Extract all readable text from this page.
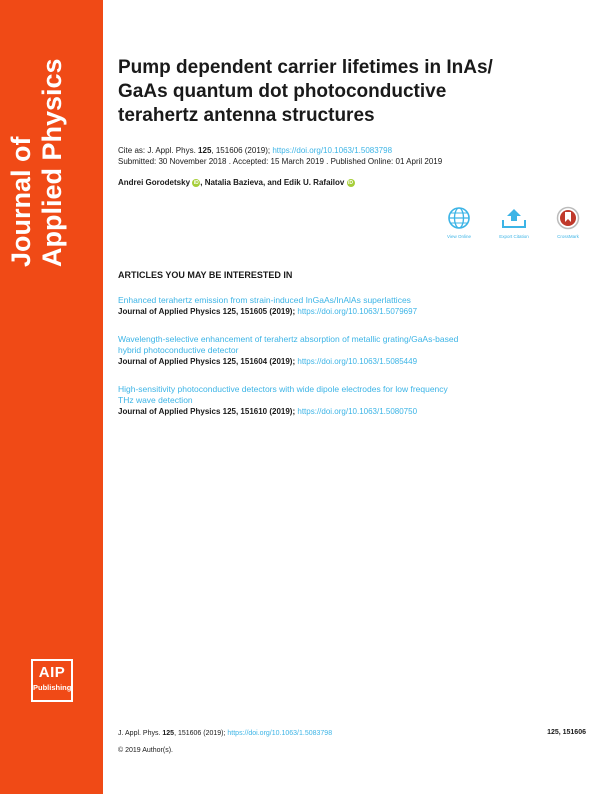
Journal of Applied Physics
AIP
Publishing
Pump dependent carrier lifetimes in InAs/
GaAs quantum dot photoconductive
terahertz antenna structures
Cite as: J. Appl. Phys. 125, 151606 (2019); https://doi.org/10.1063/1.5083798
Submitted: 30 November 2018 . Accepted: 15 March 2019 . Published Online: 01 April 2019
Andrei Gorodetsky iD , Natalia Bazieva, and Edik U. Rafailov iD
View Online	Export Citation	CrossMark
ARTICLES YOU MAY BE INTERESTED IN
Enhanced terahertz emission from strain-induced InGaAs/InAlAs superlattices
Journal of Applied Physics 125, 151605 (2019); https://doi.org/10.1063/1.5079697
Wavelength-selective enhancement of terahertz absorption of metallic grating/GaAs-based
hybrid photoconductive detector
Journal of Applied Physics 125, 151604 (2019); https://doi.org/10.1063/1.5085449
High-sensitivity photoconductive detectors with wide dipole electrodes for low frequency
THz wave detection
Journal of Applied Physics 125, 151610 (2019); https://doi.org/10.1063/1.5080750
J. Appl. Phys. 125, 151606 (2019); https://doi.org/10.1063/1.5083798	125, 151606
© 2019 Author(s).
